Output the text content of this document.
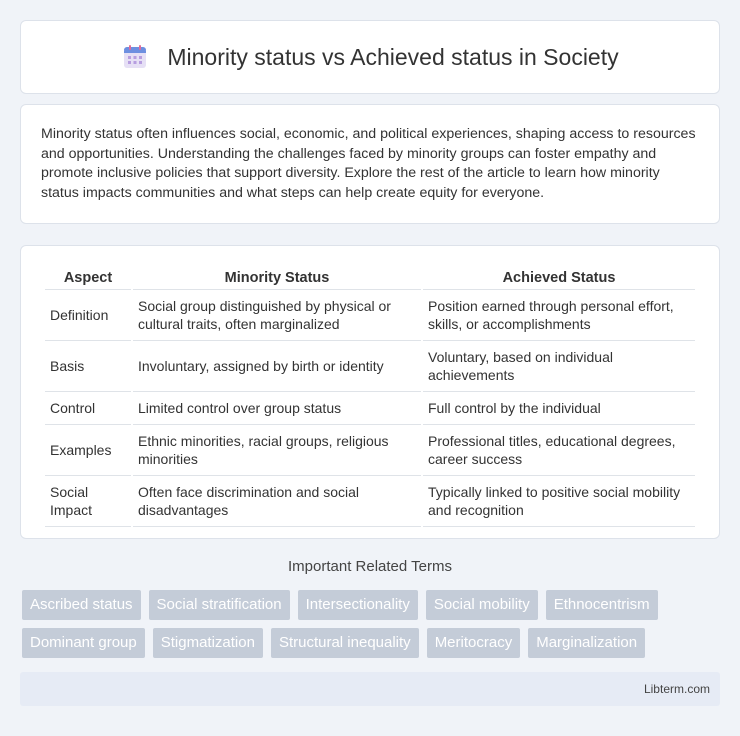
Minority status vs Achieved status in Society

Minority status often influences social, economic, and political experiences, shaping access to resources and opportunities. Understanding the challenges faced by minority groups can foster empathy and promote inclusive policies that support diversity. Explore the rest of the article to learn how minority status impacts communities and what steps can help create equity for everyone.

Aspect	Minority Status	Achieved Status
Definition	Social group distinguished by physical or cultural traits, often marginalized	Position earned through personal effort, skills, or accomplishments
Basis	Involuntary, assigned by birth or identity	Voluntary, based on individual achievements
Control	Limited control over group status	Full control by the individual
Examples	Ethnic minorities, racial groups, religious minorities	Professional titles, educational degrees, career success
Social Impact	Often face discrimination and social disadvantages	Typically linked to positive social mobility and recognition
Important Related Terms
Ascribed status	Social stratification	Intersectionality	Social mobility	Ethnocentrism
Dominant group	Stigmatization	Structural inequality	Meritocracy	Marginalization
Libterm.com
